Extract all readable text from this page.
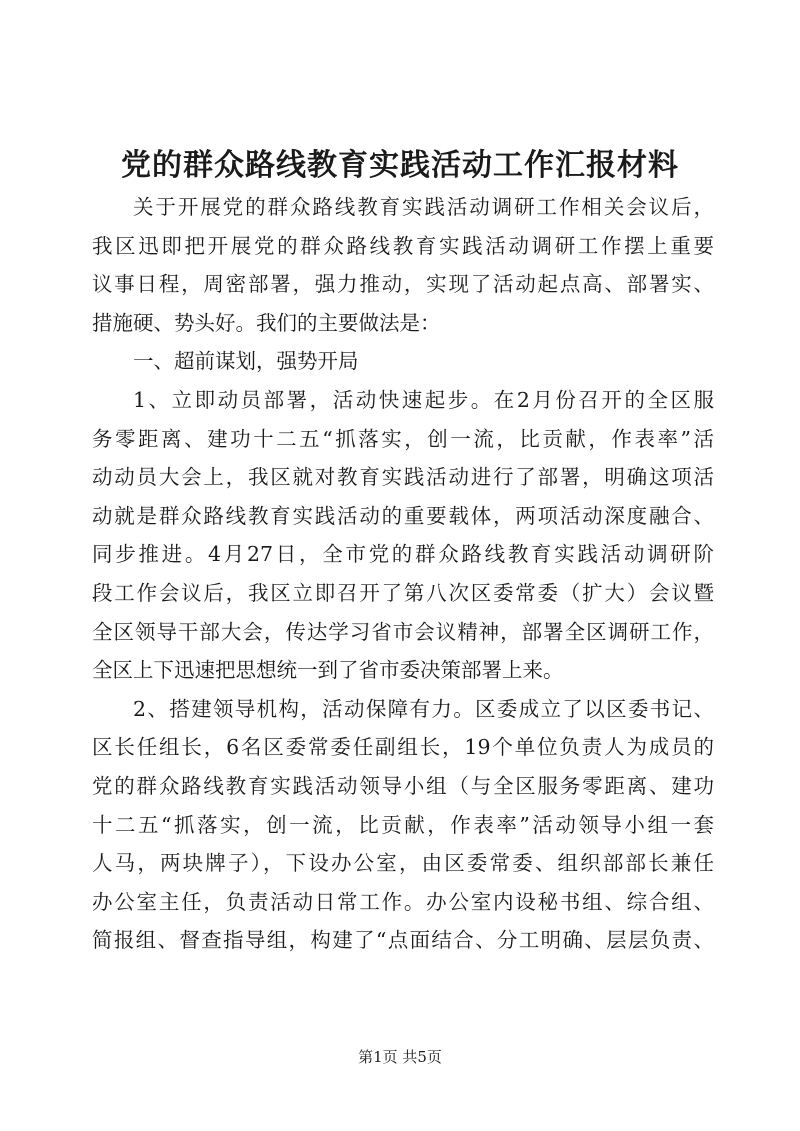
党的群众路线教育实践活动工作汇报材料
关于开展党的群众路线教育实践活动调研工作相关会议后，
我区迅即把开展党的群众路线教育实践活动调研工作摆上重要
议事日程，周密部署，强力推动，实现了活动起点高、部署实、
措施硬、势头好。我们的主要做法是：
一、超前谋划，强势开局
1、立即动员部署，活动快速起步。在2月份召开的全区服
务零距离、建功十二五“抓落实，创一流，比贡献，作表率”活
动动员大会上，我区就对教育实践活动进行了部署，明确这项活
动就是群众路线教育实践活动的重要载体，两项活动深度融合、
同步推进。4月27日，全市党的群众路线教育实践活动调研阶
段工作会议后，我区立即召开了第八次区委常委（扩大）会议暨
全区领导干部大会，传达学习省市会议精神，部署全区调研工作，
全区上下迅速把思想统一到了省市委决策部署上来。
2、搭建领导机构，活动保障有力。区委成立了以区委书记、
区长任组长，6名区委常委任副组长，19个单位负责人为成员的
党的群众路线教育实践活动领导小组（与全区服务零距离、建功
十二五“抓落实，创一流，比贡献，作表率”活动领导小组一套
人马，两块牌子），下设办公室，由区委常委、组织部部长兼任
办公室主任，负责活动日常工作。办公室内设秘书组、综合组、
简报组、督查指导组，构建了“点面结合、分工明确、层层负责、
第1页 共5页
